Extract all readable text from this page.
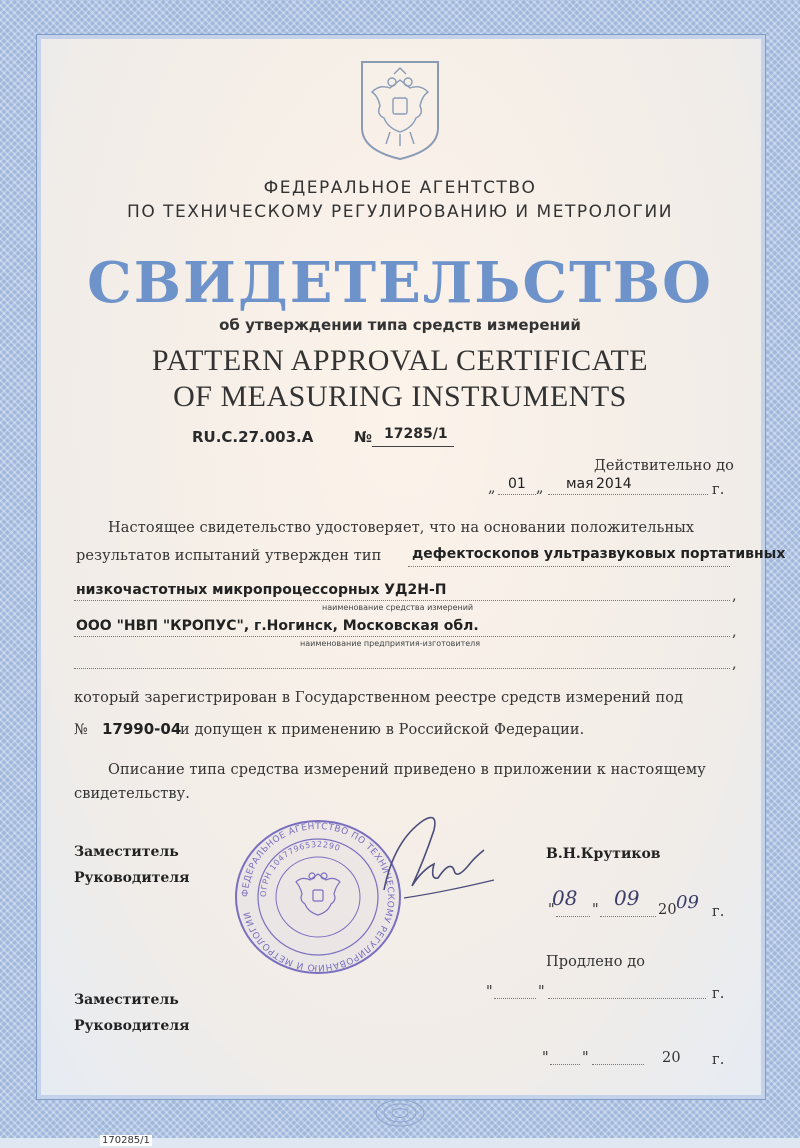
ФЕДЕРАЛЬНОЕ АГЕНТСТВО
ПО ТЕХНИЧЕСКОМУ РЕГУЛИРОВАНИЮ И МЕТРОЛОГИИ
СВИДЕТЕЛЬСТВО
об утверждении типа средств измерений
PATTERN APPROVAL CERTIFICATE
OF MEASURING INSTRUMENTS
RU.C.27.003.A	№ 17285/1
Действительно до
„ 01 „ мая 2014	г.
Настоящее свидетельство удостоверяет, что на основании положительных
результатов испытаний утвержден тип дефектоскопов ультразвуковых портативных
низкочастотных микропроцессорных УД2Н-П	,
наименование средства измерений
ООО "НВП "КРОПУС", г.Ногинск, Московская обл.	,
наименование предприятия-изготовителя
,
который зарегистрирован в Государственном реестре средств измерений под
№ 17990-04
и допущен к применению в Российской Федерации.
Описание типа средства измерений приведено в приложении к настоящему
свидетельству.
Заместитель
Руководителя
В.Н.Крутиков
ФЕДЕРАЛЬНОЕ АГЕНТСТВО ПО ТЕХНИЧЕСКОМУ РЕГУЛИРОВАНИЮ И МЕТРОЛОГИИ
ОГРН 1047796532290
"
08 " 09 20 09 г.
Продлено до
"	"	г.
Заместитель
Руководителя
" "	20 г.
170285/1
